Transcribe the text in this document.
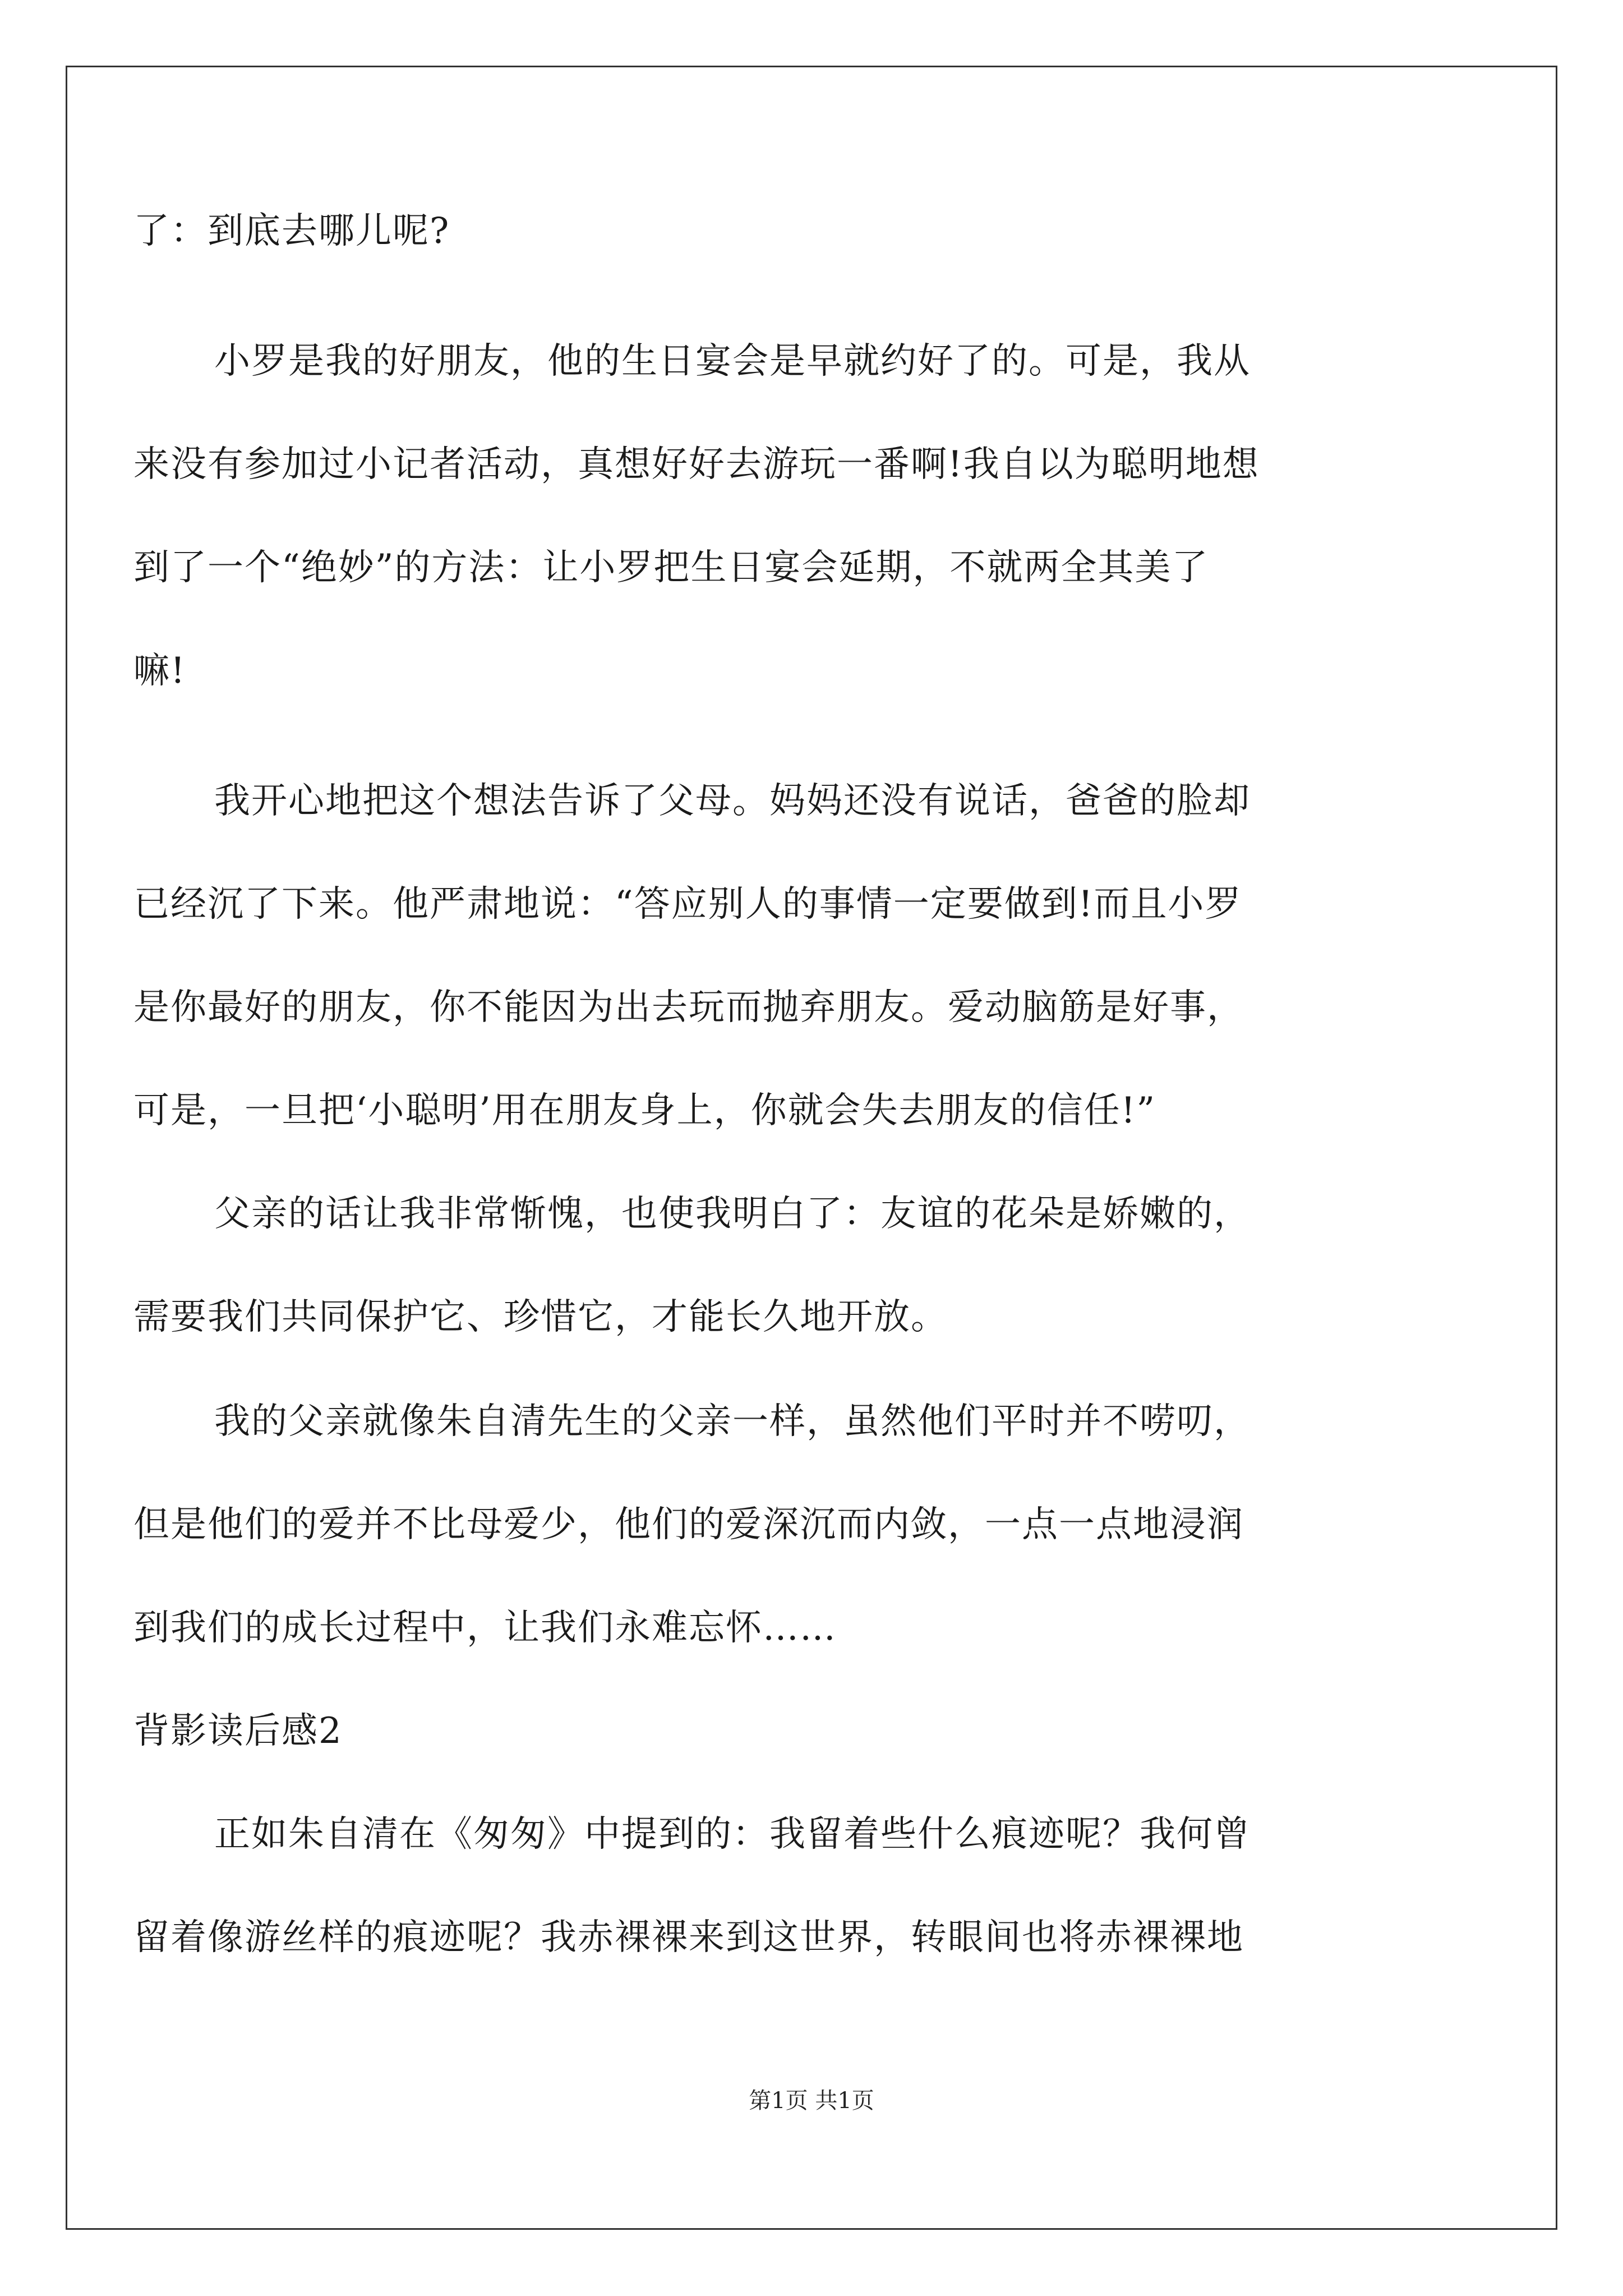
了：到底去哪儿呢?
小罗是我的好朋友，他的生日宴会是早就约好了的。可是，我从
来没有参加过小记者活动，真想好好去游玩一番啊!我自以为聪明地想
到了一个“绝妙”的方法：让小罗把生日宴会延期，不就两全其美了
嘛!
我开心地把这个想法告诉了父母。妈妈还没有说话，爸爸的脸却
已经沉了下来。他严肃地说：“答应别人的事情一定要做到!而且小罗
是你最好的朋友，你不能因为出去玩而抛弃朋友。爱动脑筋是好事，
可是，一旦把‘小聪明’用在朋友身上，你就会失去朋友的信任!”
父亲的话让我非常惭愧，也使我明白了：友谊的花朵是娇嫩的，
需要我们共同保护它、珍惜它，才能长久地开放。
我的父亲就像朱自清先生的父亲一样，虽然他们平时并不唠叨，
但是他们的爱并不比母爱少，他们的爱深沉而内敛，一点一点地浸润
到我们的成长过程中，让我们永难忘怀……
背影读后感2
正如朱自清在《匆匆》中提到的：我留着些什么痕迹呢？我何曾
留着像游丝样的痕迹呢？我赤裸裸来到这世界，转眼间也将赤裸裸地
第1页 共1页
